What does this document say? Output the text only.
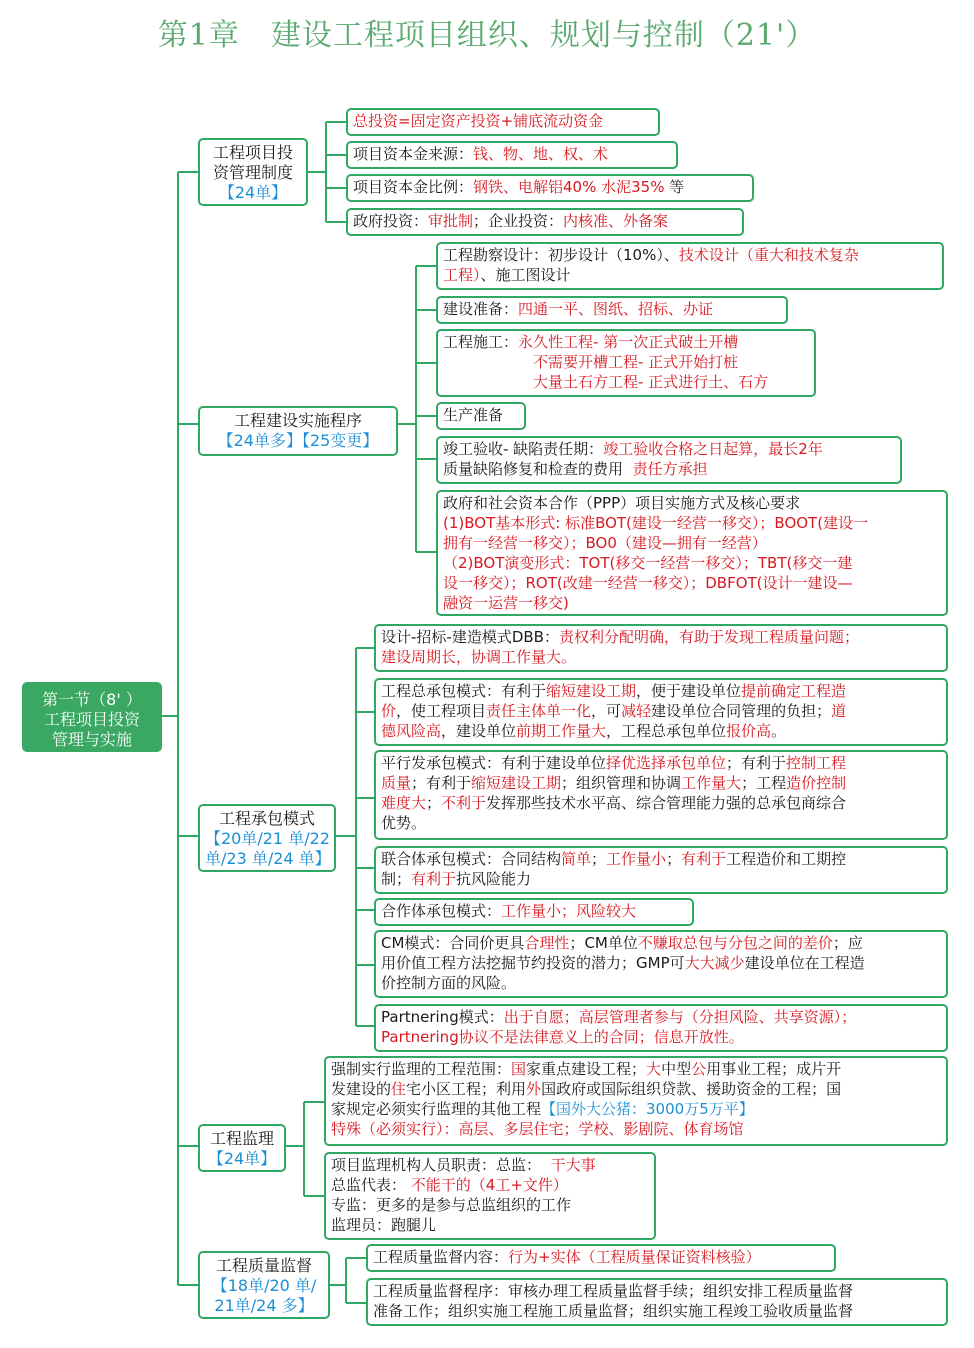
第1章　建设工程项目组织、规划与控制（21'）
第一节（8' ）
工程项目投资
管理与实施
工程项目投
资管理制度
【24单】
总投资=固定资产投资+铺底流动资金
项目资本金来源：钱、物、地、权、术
项目资本金比例：钢铁、电解铝40% 水泥35% 等
政府投资：审批制；企业投资：内核准、外备案
工程建设实施程序
【24单多】【25变更】
工程勘察设计：初步设计（10%）、技术设计（重大和技术复杂
工程）、施工图设计
建设准备：四通一平、图纸、招标、办证
工程施工：永久性工程- 第一次正式破土开槽
不需要开槽工程- 正式开始打桩
大量土石方工程- 正式进行土、石方
生产准备
竣工验收- 缺陷责任期：竣工验收合格之日起算，最长2年
质量缺陷修复和检查的费用 责任方承担
政府和社会资本合作（PPP）项目实施方式及核心要求
(1)BOT基本形式: 标准BOT(建设一经营一移交）；BOOT(建设一
拥有一经营一移交）；BO0（建设—拥有一经营）
（2)BOT演变形式：TOT(移交一经营一移交）；TBT(移交一建
设一移交）；ROT(改建一经营一移交）；DBFOT(设计一建设—
融资一运营一移交)
工程承包模式
【20单/21 单/22
单/23 单/24 单】
设计-招标-建造模式DBB：责权利分配明确，有助于发现工程质量问题；
建设周期长，协调工作量大。
工程总承包模式：有利于缩短建设工期，便于建设单位提前确定工程造
价，使工程项目责任主体单一化，可减轻建设单位合同管理的负担；道
德风险高，建设单位前期工作量大，工程总承包单位报价高。
平行发承包模式：有利于建设单位择优选择承包单位；有利于控制工程
质量；有利于缩短建设工期；组织管理和协调工作量大；工程造价控制
难度大；不利于发挥那些技术水平高、综合管理能力强的总承包商综合
优势。
联合体承包模式：合同结构简单；工作量小；有利于工程造价和工期控
制；有利于抗风险能力
合作体承包模式：工作量小；风险较大
CM模式：合同价更具合理性；CM单位不赚取总包与分包之间的差价；应
用价值工程方法挖掘节约投资的潜力；GMP可大大减少建设单位在工程造
价控制方面的风险。
Partnering模式：出于自愿；高层管理者参与（分担风险、共享资源）；
Partnering协议不是法律意义上的合同；信息开放性。
工程监理
【24单】
强制实行监理的工程范围：国家重点建设工程；大中型公用事业工程；成片开
发建设的住宅小区工程；利用外国政府或国际组织贷款、援助资金的工程；国
家规定必须实行监理的其他工程【国外大公猪：3000万5万平】
特殊（必须实行）：高层、多层住宅；学校、影剧院、体育场馆
项目监理机构人员职责：总监： 干大事
总监代表： 不能干的（4工+文件）
专监：更多的是参与总监组织的工作
监理员：跑腿儿
工程质量监督
【18单/20 单/
21单/24 多】
工程质量监督内容：行为+实体（工程质量保证资料核验）
工程质量监督程序：审核办理工程质量监督手续；组织安排工程质量监督
准备工作；组织实施工程施工质量监督；组织实施工程竣工验收质量监督
